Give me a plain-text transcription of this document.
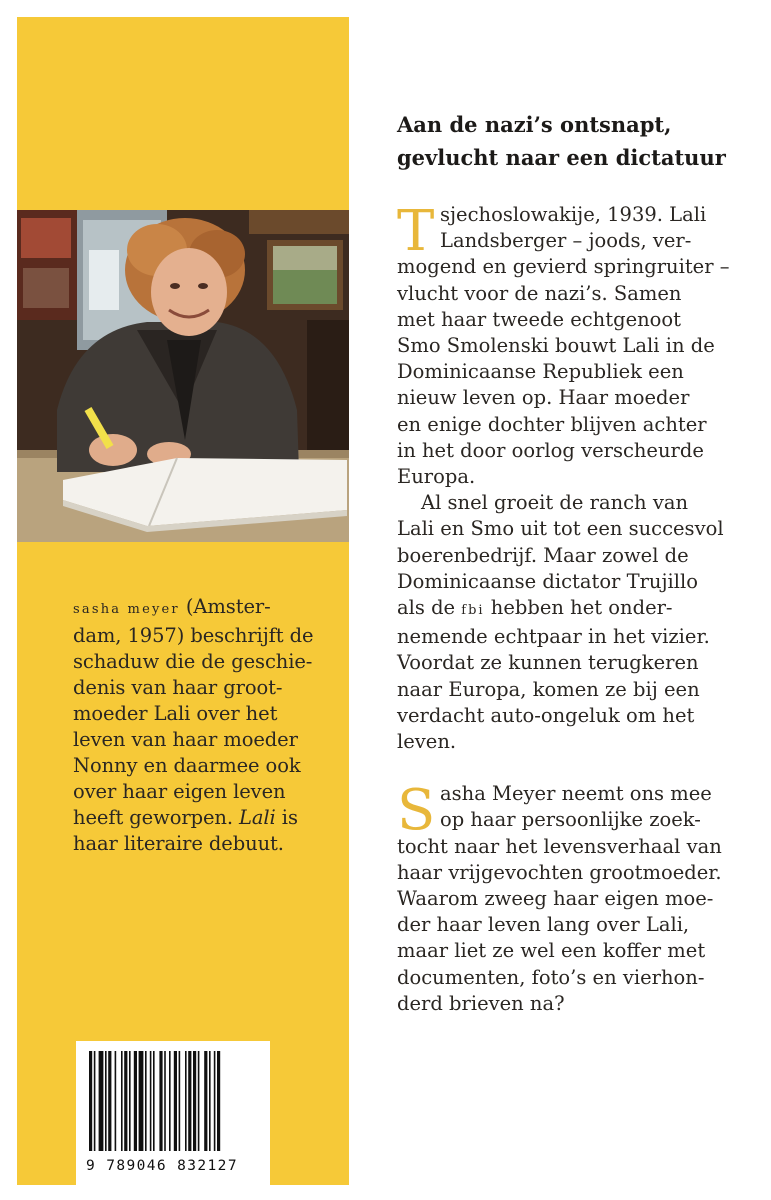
sasha meyer (Amster-
dam, 1957) beschrijft de
schaduw die de geschie-
denis van haar groot-
moeder Lali over het
leven van haar moeder
Nonny en daarmee ook
over haar eigen leven
heeft geworpen. Lali is
haar literaire debuut.

9 789046 832127
Aan de nazi’s ontsnapt,
gevlucht naar een dictatuur

T sjechoslowakije, 1939. Lali
Landsberger – joods, ver-
mogend en gevierd springruiter –
vlucht voor de nazi’s. Samen
met haar tweede echtgenoot
Smo Smolenski bouwt Lali in de
Dominicaanse Republiek een
nieuw leven op. Haar moeder
en enige dochter blijven achter
in het door oorlog verscheurde
Europa.

Al snel groeit de ranch van
Lali en Smo uit tot een succesvol
boerenbedrijf. Maar zowel de
Dominicaanse dictator Trujillo
als de fbi hebben het onder-
nemende echtpaar in het vizier.
Voordat ze kunnen terugkeren
naar Europa, komen ze bij een
verdacht auto-ongeluk om het
leven.

S asha Meyer neemt ons mee
op haar persoonlijke zoek-
tocht naar het levensverhaal van
haar vrijgevochten grootmoeder.
Waarom zweeg haar eigen moe-
der haar leven lang over Lali,
maar liet ze wel een koffer met
documenten, foto’s en vierhon-
derd brieven na?
